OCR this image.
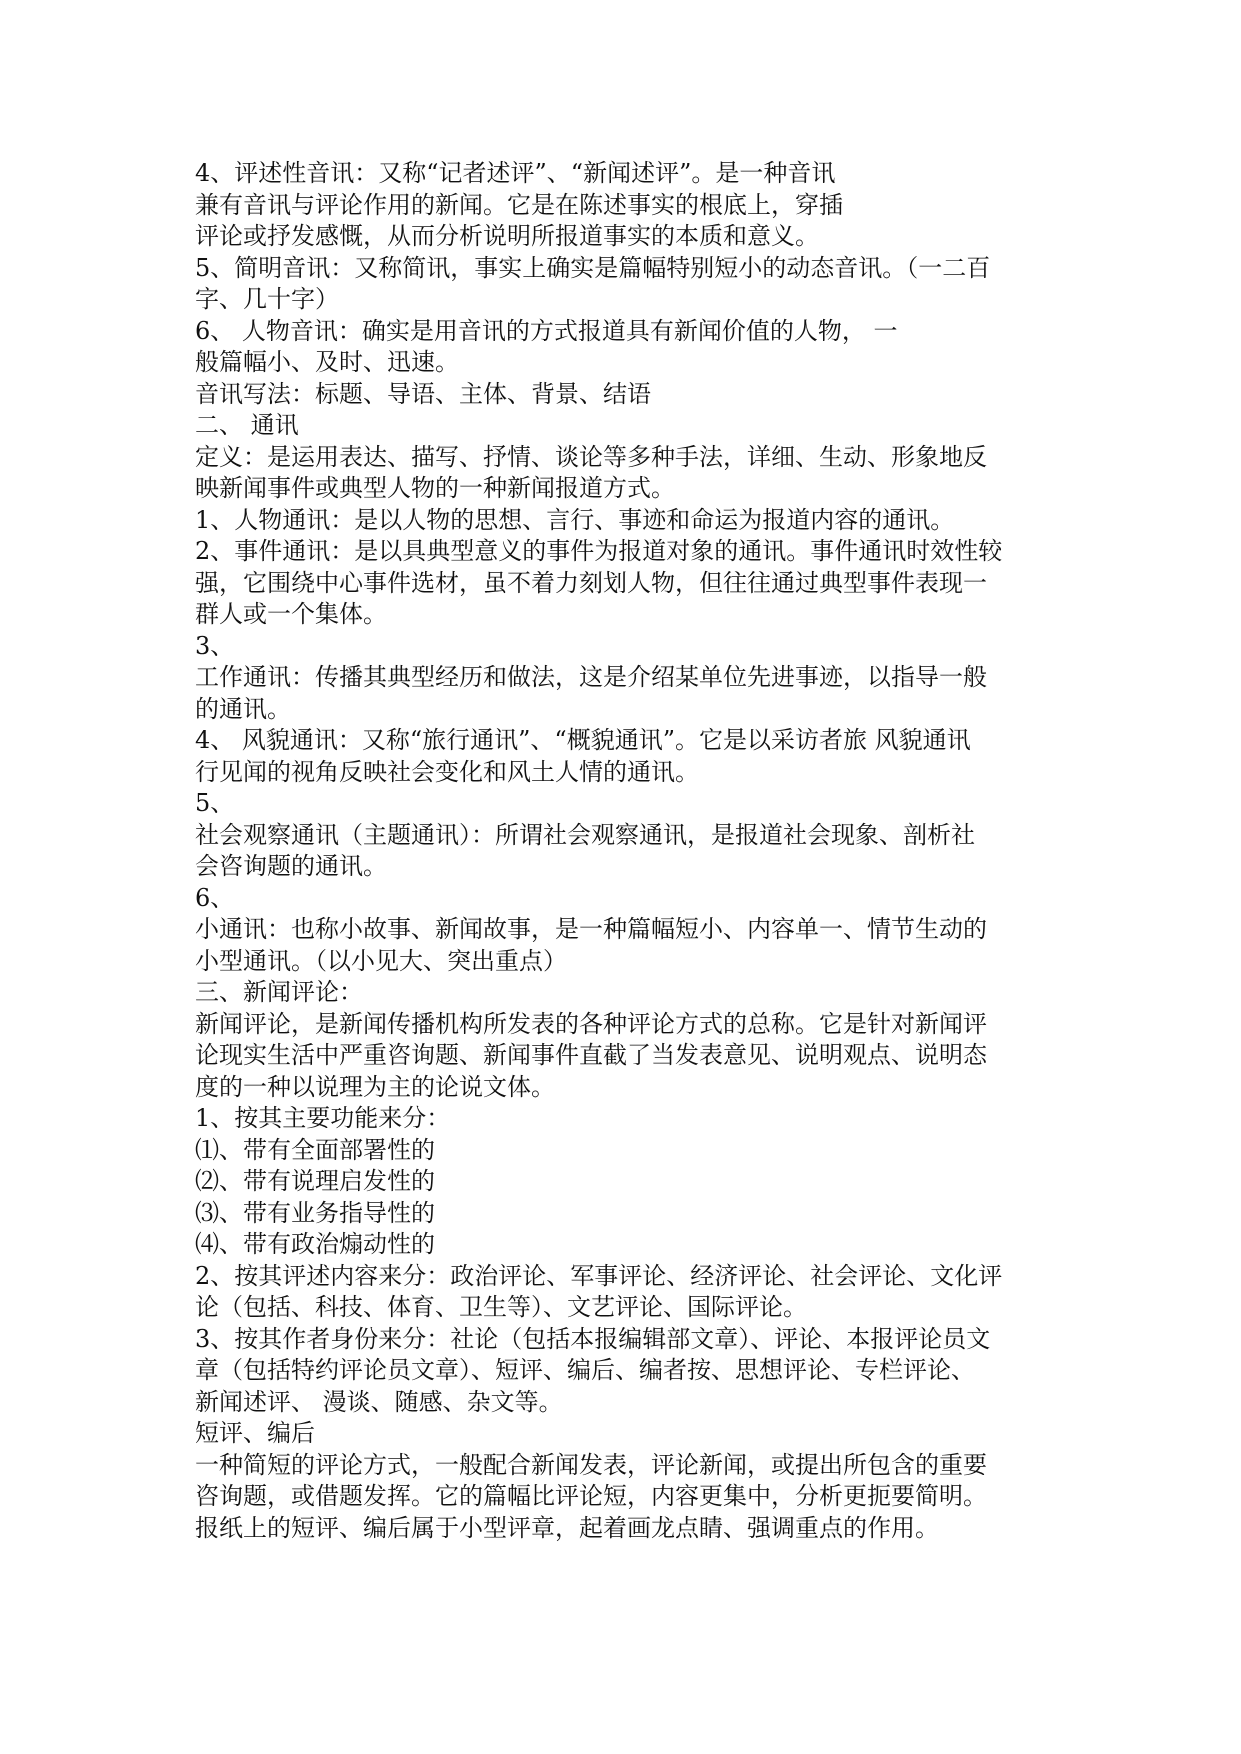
4、评述性音讯：又称“记者述评”、“新闻述评”。是一种音讯
兼有音讯与评论作用的新闻。它是在陈述事实的根底上，穿插
评论或抒发感慨，从而分析说明所报道事实的本质和意义。
5、简明音讯：又称简讯，事实上确实是篇幅特别短小的动态音讯。（一二百
字、几十字）
6、 人物音讯：确实是用音讯的方式报道具有新闻价值的人物， 一
般篇幅小、及时、迅速。
音讯写法：标题、导语、主体、背景、结语
二、 通讯
定义：是运用表达、描写、抒情、谈论等多种手法，详细、生动、形象地反
映新闻事件或典型人物的一种新闻报道方式。
1、人物通讯：是以人物的思想、言行、事迹和命运为报道内容的通讯。
2、事件通讯：是以具典型意义的事件为报道对象的通讯。事件通讯时效性较
强，它围绕中心事件选材，虽不着力刻划人物，但往往通过典型事件表现一
群人或一个集体。
3、
工作通讯：传播其典型经历和做法，这是介绍某单位先进事迹，以指导一般
的通讯。
4、 风貌通讯：又称“旅行通讯”、“概貌通讯”。它是以采访者旅 风貌通讯
行见闻的视角反映社会变化和风土人情的通讯。
5、
社会观察通讯（主题通讯）：所谓社会观察通讯，是报道社会现象、剖析社
会咨询题的通讯。
6、
小通讯：也称小故事、新闻故事，是一种篇幅短小、内容单一、情节生动的
小型通讯。（以小见大、突出重点）
三、新闻评论：
新闻评论，是新闻传播机构所发表的各种评论方式的总称。它是针对新闻评
论现实生活中严重咨询题、新闻事件直截了当发表意见、说明观点、说明态
度的一种以说理为主的论说文体。
1、按其主要功能来分：
⑴、带有全面部署性的
⑵、带有说理启发性的
⑶、带有业务指导性的
⑷、带有政治煽动性的
2、按其评述内容来分：政治评论、军事评论、经济评论、社会评论、文化评
论（包括、科技、体育、卫生等）、文艺评论、国际评论。
3、按其作者身份来分：社论（包括本报编辑部文章）、评论、本报评论员文
章（包括特约评论员文章）、短评、编后、编者按、思想评论、专栏评论、
新闻述评、 漫谈、随感、杂文等。
短评、编后
一种简短的评论方式，一般配合新闻发表，评论新闻，或提出所包含的重要
咨询题，或借题发挥。它的篇幅比评论短，内容更集中，分析更扼要简明。
报纸上的短评、编后属于小型评章，起着画龙点睛、强调重点的作用。
